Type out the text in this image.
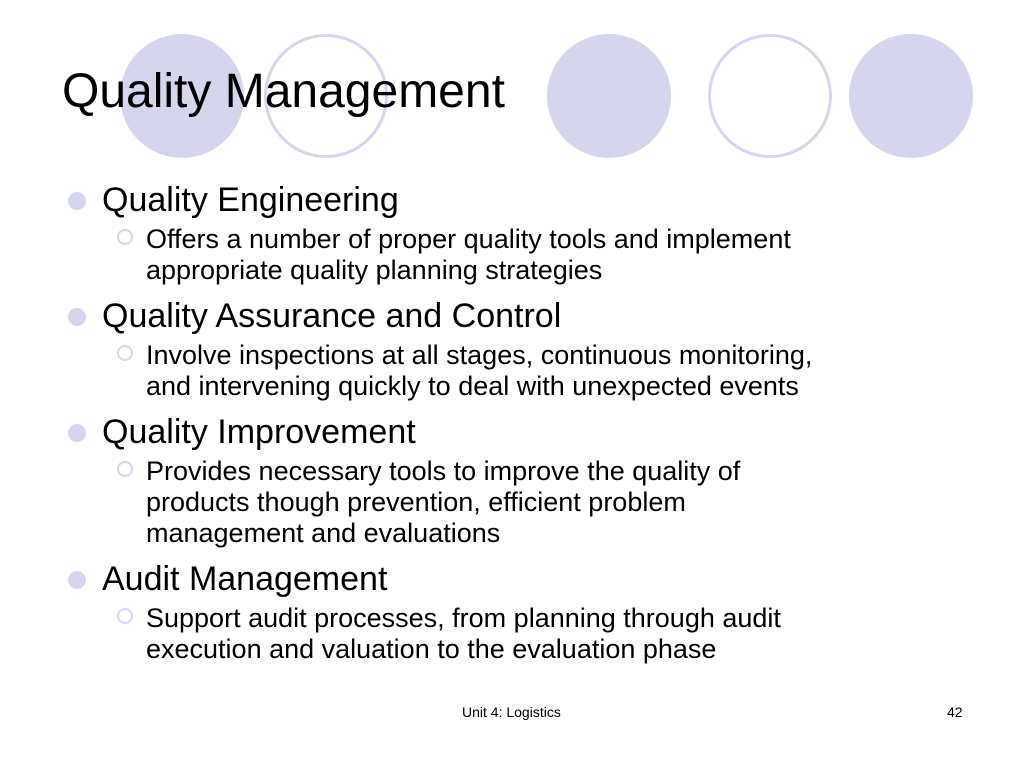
Quality Management
Quality Engineering
Offers a number of proper quality tools and implement
appropriate quality planning strategies
Quality Assurance and Control
Involve inspections at all stages, continuous monitoring,
and intervening quickly to deal with unexpected events
Quality Improvement
Provides necessary tools to improve the quality of
products though prevention, efficient problem
management and evaluations
Audit Management
Support audit processes, from planning through audit
execution and valuation to the evaluation phase
Unit 4: Logistics	42
